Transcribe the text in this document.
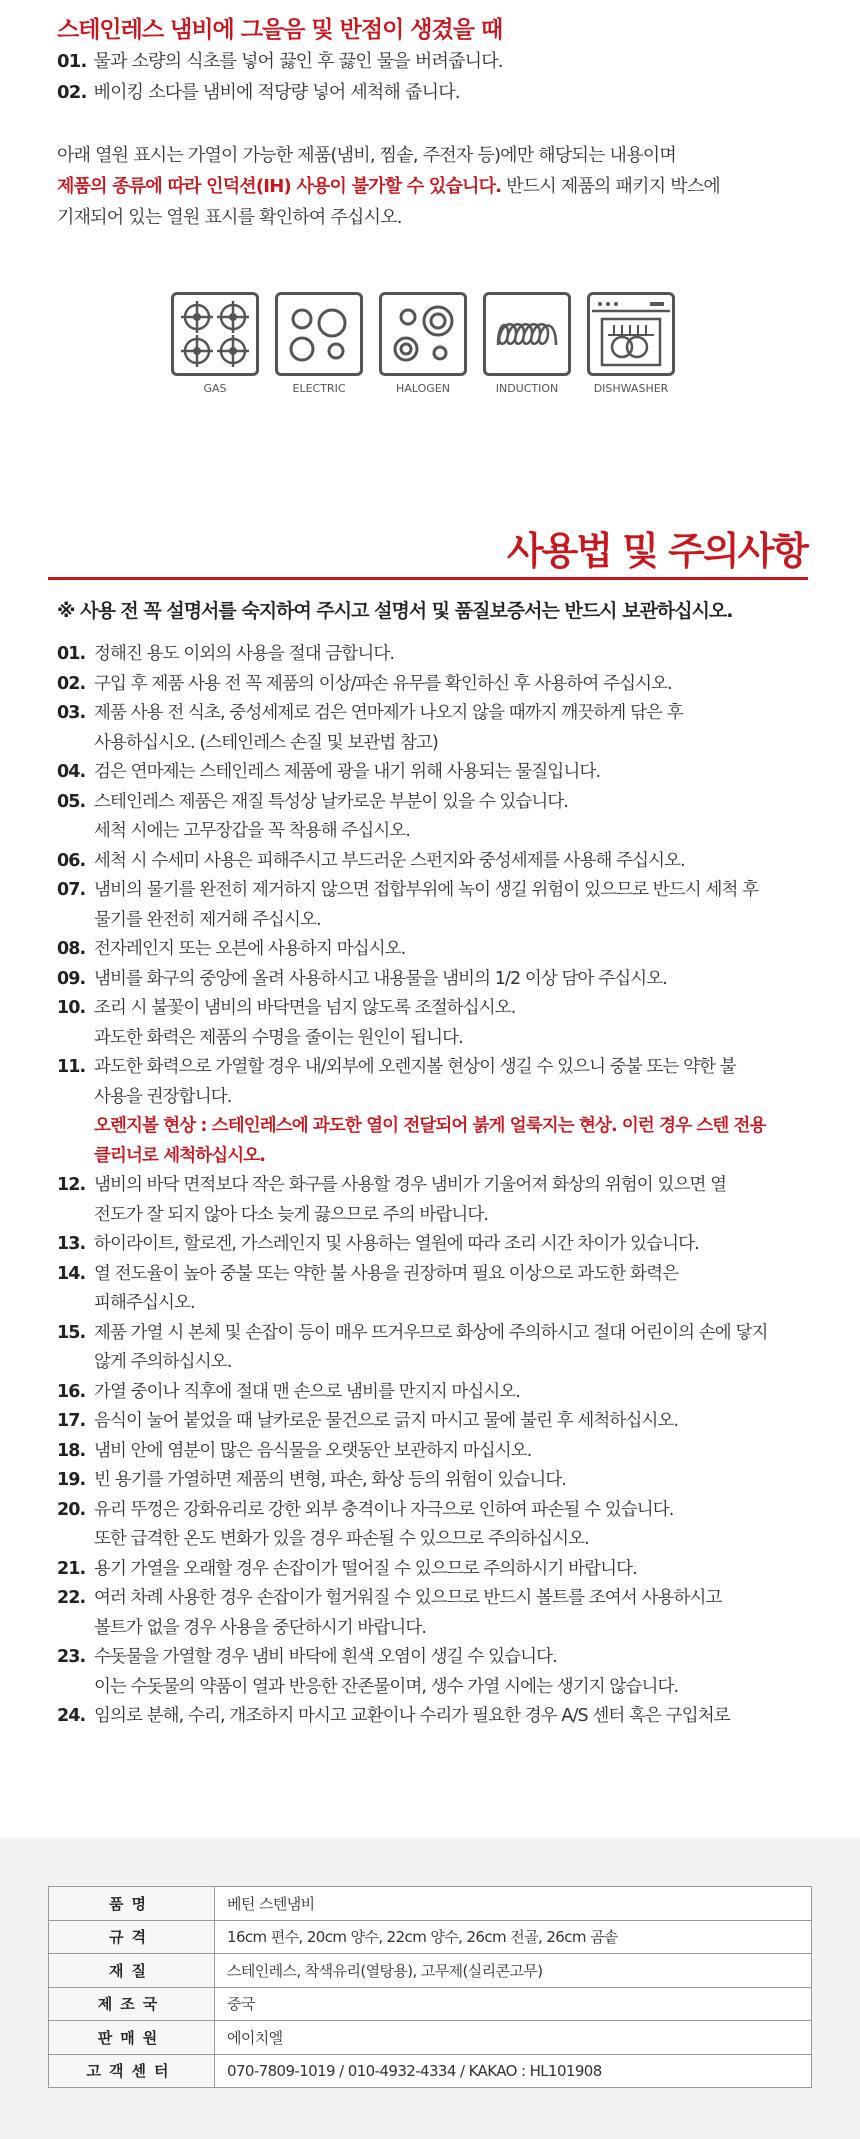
스테인레스 냄비에 그을음 및 반점이 생겼을 때
01. 물과 소량의 식초를 넣어 끓인 후 끓인 물을 버려줍니다.
02. 베이킹 소다를 냄비에 적당량 넣어 세척해 줍니다.
아래 열원 표시는 가열이 가능한 제품(냄비, 찜솥, 주전자 등)에만 해당되는 내용이며
제품의 종류에 따라 인덕션(IH) 사용이 불가할 수 있습니다. 반드시 제품의 패키지 박스에
기재되어 있는 열원 표시를 확인하여 주십시오.
GAS	ELECTRIC	HALOGEN	INDUCTION	DISHWASHER
사용법 및 주의사항
※ 사용 전 꼭 설명서를 숙지하여 주시고 설명서 및 품질보증서는 반드시 보관하십시오.
01. 정해진 용도 이외의 사용을 절대 금합니다.
02. 구입 후 제품 사용 전 꼭 제품의 이상/파손 유무를 확인하신 후 사용하여 주십시오.
03. 제품 사용 전 식초, 중성세제로 검은 연마제가 나오지 않을 때까지 깨끗하게 닦은 후
사용하십시오. (스테인레스 손질 및 보관법 참고)
04. 검은 연마제는 스테인레스 제품에 광을 내기 위해 사용되는 물질입니다.
05. 스테인레스 제품은 재질 특성상 날카로운 부분이 있을 수 있습니다.
세척 시에는 고무장갑을 꼭 착용해 주십시오.
06. 세척 시 수세미 사용은 피해주시고 부드러운 스펀지와 중성세제를 사용해 주십시오.
07. 냄비의 물기를 완전히 제거하지 않으면 접합부위에 녹이 생길 위험이 있으므로 반드시 세척 후
물기를 완전히 제거해 주십시오.
08. 전자레인지 또는 오븐에 사용하지 마십시오.
09. 냄비를 화구의 중앙에 올려 사용하시고 내용물을 냄비의 1/2 이상 담아 주십시오.
10. 조리 시 불꽃이 냄비의 바닥면을 넘지 않도록 조절하십시오.
과도한 화력은 제품의 수명을 줄이는 원인이 됩니다.
11. 과도한 화력으로 가열할 경우 내/외부에 오렌지볼 현상이 생길 수 있으니 중불 또는 약한 불
사용을 권장합니다.
오렌지볼 현상 : 스테인레스에 과도한 열이 전달되어 붉게 얼룩지는 현상. 이런 경우 스텐 전용
클리너로 세척하십시오.
12. 냄비의 바닥 면적보다 작은 화구를 사용할 경우 냄비가 기울어져 화상의 위험이 있으면 열
전도가 잘 되지 않아 다소 늦게 끓으므로 주의 바랍니다.
13. 하이라이트, 할로겐, 가스레인지 및 사용하는 열원에 따라 조리 시간 차이가 있습니다.
14. 열 전도율이 높아 중불 또는 약한 불 사용을 권장하며 필요 이상으로 과도한 화력은
피해주십시오.
15. 제품 가열 시 본체 및 손잡이 등이 매우 뜨거우므로 화상에 주의하시고 절대 어린이의 손에 닿지
않게 주의하십시오.
16. 가열 중이나 직후에 절대 맨 손으로 냄비를 만지지 마십시오.
17. 음식이 눌어 붙었을 때 날카로운 물건으로 긁지 마시고 물에 불린 후 세척하십시오.
18. 냄비 안에 염분이 많은 음식물을 오랫동안 보관하지 마십시오.
19. 빈 용기를 가열하면 제품의 변형, 파손, 화상 등의 위험이 있습니다.
20. 유리 뚜껑은 강화유리로 강한 외부 충격이나 자극으로 인하여 파손될 수 있습니다.
또한 급격한 온도 변화가 있을 경우 파손될 수 있으므로 주의하십시오.
21. 용기 가열을 오래할 경우 손잡이가 떨어질 수 있으므로 주의하시기 바랍니다.
22. 여러 차례 사용한 경우 손잡이가 헐거워질 수 있으므로 반드시 볼트를 조여서 사용하시고
볼트가 없을 경우 사용을 중단하시기 바랍니다.
23. 수돗물을 가열할 경우 냄비 바닥에 흰색 오염이 생길 수 있습니다.
이는 수돗물의 약품이 열과 반응한 잔존물이며, 생수 가열 시에는 생기지 않습니다.
24. 임의로 분해, 수리, 개조하지 마시고 교환이나 수리가 필요한 경우 A/S 센터 혹은 구입처로
품명	베틴 스텐냄비
규격	16cm 편수, 20cm 양수, 22cm 양수, 26cm 전골, 26cm 곰솥
재질	스테인레스, 착색유리(열탕용), 고무제(실리콘고무)
제조국	중국
판매원	에이치엘
고객센터	070-7809-1019 / 010-4932-4334 / KAKAO : HL101908
